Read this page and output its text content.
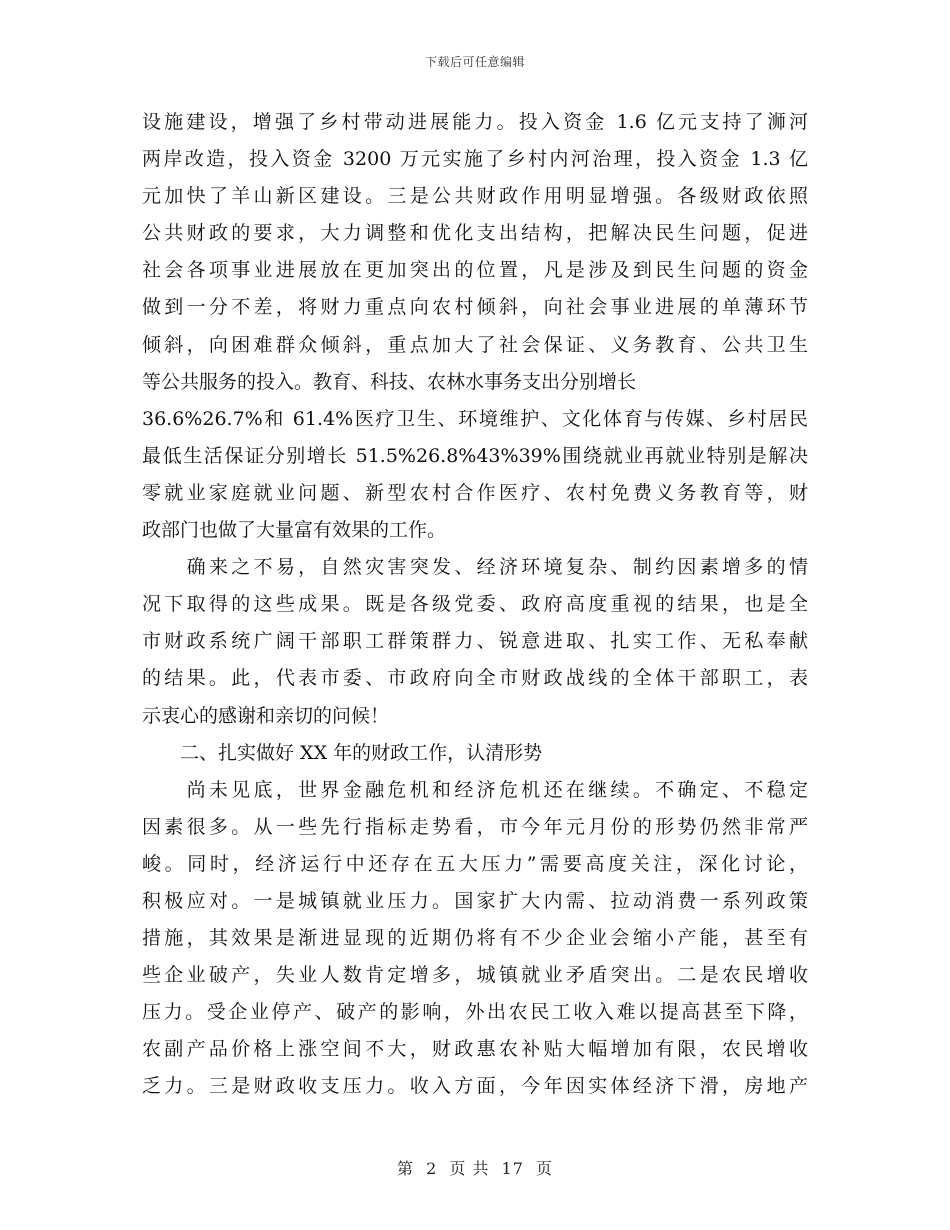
下载后可任意编辑
设施建设，增强了乡村带动进展能力。投入资金 1.6 亿元支持了浉河
两岸改造，投入资金 3200 万元实施了乡村内河治理，投入资金 1.3 亿
元加快了羊山新区建设。三是公共财政作用明显增强。各级财政依照
公共财政的要求，大力调整和优化支出结构，把解决民生问题，促进
社会各项事业进展放在更加突出的位置，凡是涉及到民生问题的资金
做到一分不差，将财力重点向农村倾斜，向社会事业进展的单薄环节
倾斜，向困难群众倾斜，重点加大了社会保证、义务教育、公共卫生
等公共服务的投入。教育、科技、农林水事务支出分别增长
36.6%26.7%和 61.4%医疗卫生、环境维护、文化体育与传媒、乡村居民
最低生活保证分别增长 51.5%26.8%43%39%围绕就业再就业特别是解决
零就业家庭就业问题、新型农村合作医疗、农村免费义务教育等，财
政部门也做了大量富有效果的工作。
　　确来之不易，自然灾害突发、经济环境复杂、制约因素增多的情
况下取得的这些成果。既是各级党委、政府高度重视的结果，也是全
市财政系统广阔干部职工群策群力、锐意进取、扎实工作、无私奉献
的结果。此，代表市委、市政府向全市财政战线的全体干部职工，表
示衷心的感谢和亲切的问候！
　　二、扎实做好 XX 年的财政工作，认清形势
　　尚未见底，世界金融危机和经济危机还在继续。不确定、不稳定
因素很多。从一些先行指标走势看，市今年元月份的形势仍然非常严
峻。同时，经济运行中还存在五大压力”需要高度关注，深化讨论，
积极应对。一是城镇就业压力。国家扩大内需、拉动消费一系列政策
措施，其效果是渐进显现的近期仍将有不少企业会缩小产能，甚至有
些企业破产，失业人数肯定增多，城镇就业矛盾突出。二是农民增收
压力。受企业停产、破产的影响，外出农民工收入难以提高甚至下降，
农副产品价格上涨空间不大，财政惠农补贴大幅增加有限，农民增收
乏力。三是财政收支压力。收入方面，今年因实体经济下滑，房地产
第 2 页 共 17 页
